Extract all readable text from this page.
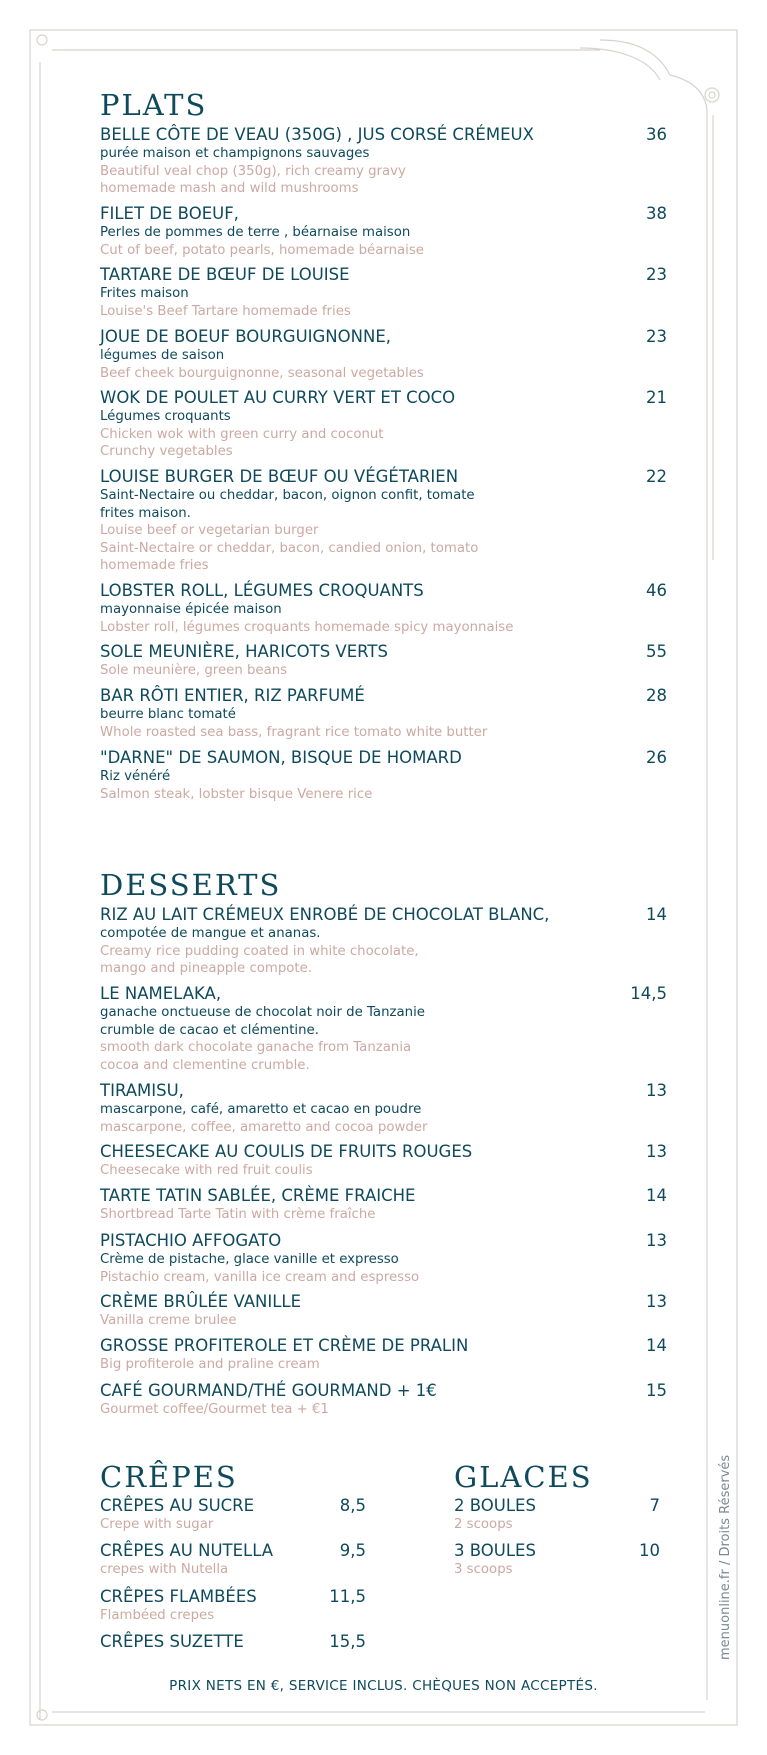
PLATS
BELLE CÔTE DE VEAU (350G) , JUS CORSÉ CRÉMEUX
purée maison et champignons sauvages
Beautiful veal chop (350g), rich creamy gravy
homemade mash and wild mushrooms
36
FILET DE BOEUF,
Perles de pommes de terre , béarnaise maison
Cut of beef, potato pearls, homemade béarnaise
38
TARTARE DE BŒUF DE LOUISE
Frites maison
Louise's Beef Tartare homemade fries
23
JOUE DE BOEUF BOURGUIGNONNE,
légumes de saison
Beef cheek bourguignonne, seasonal vegetables
23
WOK DE POULET AU CURRY VERT ET COCO
Légumes croquants
Chicken wok with green curry and coconut
Crunchy vegetables
21
LOUISE BURGER DE BŒUF OU VÉGÉTARIEN
Saint-Nectaire ou cheddar, bacon, oignon confit, tomate
frites maison.
Louise beef or vegetarian burger
Saint-Nectaire or cheddar, bacon, candied onion, tomato
homemade fries
22
LOBSTER ROLL, LÉGUMES CROQUANTS
mayonnaise épicée maison
Lobster roll, légumes croquants homemade spicy mayonnaise
46
SOLE MEUNIÈRE, HARICOTS VERTS
Sole meunière, green beans
55
BAR RÔTI ENTIER, RIZ PARFUMÉ
beurre blanc tomaté
Whole roasted sea bass, fragrant rice tomato white butter
28
"DARNE" DE SAUMON, BISQUE DE HOMARD
Riz vénéré
Salmon steak, lobster bisque Venere rice
26
DESSERTS
RIZ AU LAIT CRÉMEUX ENROBÉ DE CHOCOLAT BLANC,
compotée de mangue et ananas.
Creamy rice pudding coated in white chocolate,
mango and pineapple compote.
14
LE NAMELAKA,
ganache onctueuse de chocolat noir de Tanzanie
crumble de cacao et clémentine.
smooth dark chocolate ganache from Tanzania
cocoa and clementine crumble.
14,5
TIRAMISU,
mascarpone, café, amaretto et cacao en poudre
mascarpone, coffee, amaretto and cocoa powder
13
CHEESECAKE AU COULIS DE FRUITS ROUGES
Cheesecake with red fruit coulis
13
TARTE TATIN SABLÉE, CRÈME FRAICHE
Shortbread Tarte Tatin with crème fraîche
14
PISTACHIO AFFOGATO
Crème de pistache, glace vanille et expresso
Pistachio cream, vanilla ice cream and espresso
13
CRÈME BRÛLÉE VANILLE
Vanilla creme brulee
13
GROSSE PROFITEROLE ET CRÈME DE PRALIN
Big profiterole and praline cream
14
CAFÉ GOURMAND/THÉ GOURMAND + 1€
Gourmet coffee/Gourmet tea + €1
15
CRÊPES
CRÊPES AU SUCRE
Crepe with sugar
8,5
CRÊPES AU NUTELLA
crepes with Nutella
9,5
CRÊPES FLAMBÉES
Flambéed crepes
11,5
CRÊPES SUZETTE	15,5
GLACES
2 BOULES
2 scoops
7
3 BOULES
3 scoops
10
PRIX NETS EN €, SERVICE INCLUS. CHÈQUES NON ACCEPTÉS.
menuonline.fr / Droits Réservés
